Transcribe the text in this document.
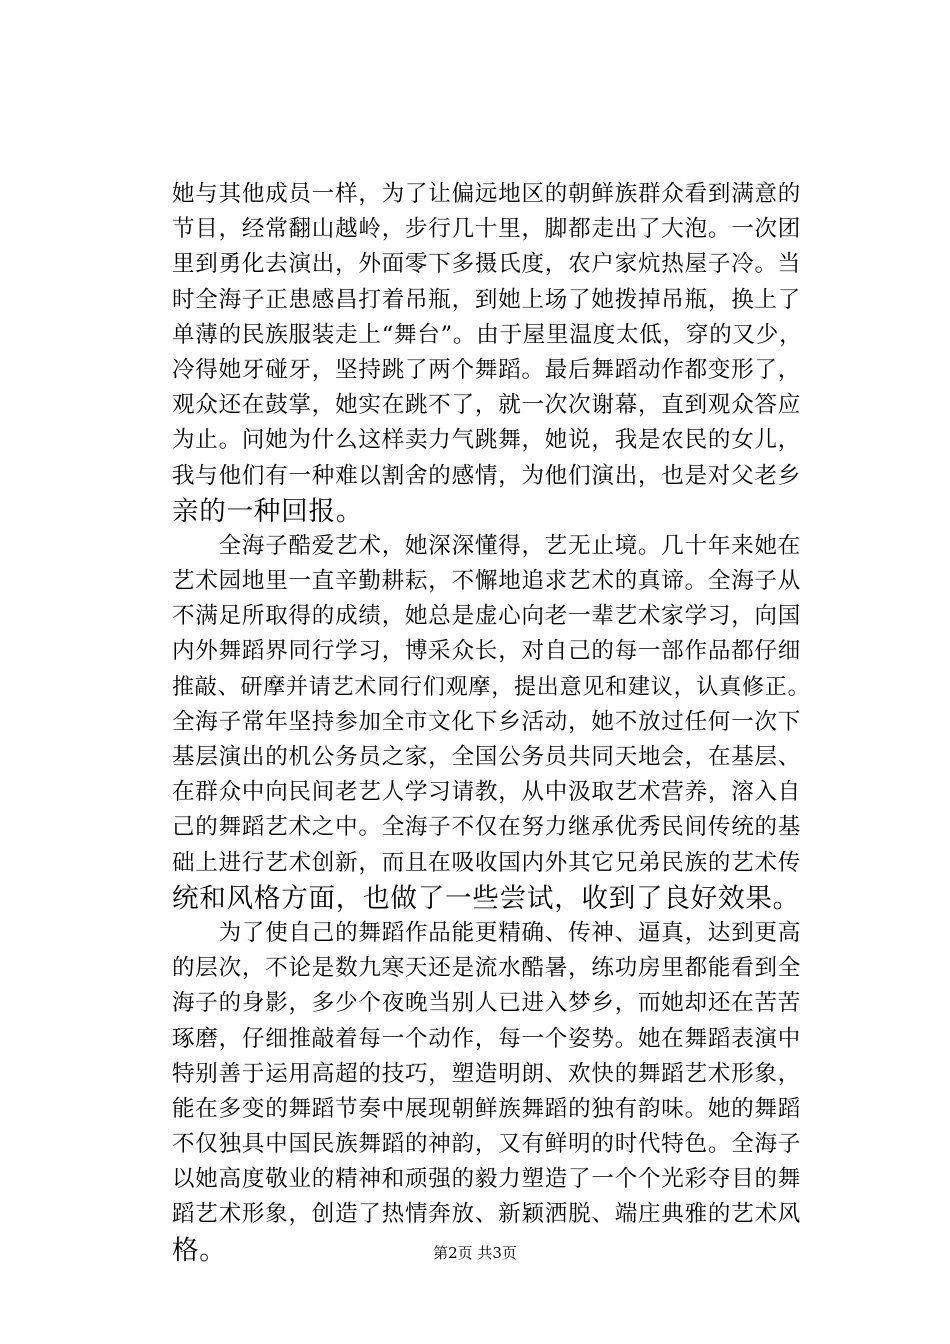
她与其他成员一样，为了让偏远地区的朝鲜族群众看到满意的
节目，经常翻山越岭，步行几十里，脚都走出了大泡。一次团
里到勇化去演出，外面零下多摄氏度，农户家炕热屋子冷。当
时全海子正患感昌打着吊瓶，到她上场了她拨掉吊瓶，换上了
单薄的民族服装走上“舞台”。由于屋里温度太低，穿的又少，
冷得她牙碰牙，坚持跳了两个舞蹈。最后舞蹈动作都变形了，
观众还在鼓掌，她实在跳不了，就一次次谢幕，直到观众答应
为止。问她为什么这样卖力气跳舞，她说，我是农民的女儿，
我与他们有一种难以割舍的感情，为他们演出，也是对父老乡
亲的一种回报。
　　全海子酷爱艺术，她深深懂得，艺无止境。几十年来她在
艺术园地里一直辛勤耕耘，不懈地追求艺术的真谛。全海子从
不满足所取得的成绩，她总是虚心向老一辈艺术家学习，向国
内外舞蹈界同行学习，博采众长，对自己的每一部作品都仔细
推敲、研摩并请艺术同行们观摩，提出意见和建议，认真修正。
全海子常年坚持参加全市文化下乡活动，她不放过任何一次下
基层演出的机公务员之家，全国公务员共同天地会，在基层、
在群众中向民间老艺人学习请教，从中汲取艺术营养，溶入自
己的舞蹈艺术之中。全海子不仅在努力继承优秀民间传统的基
础上进行艺术创新，而且在吸收国内外其它兄弟民族的艺术传
统和风格方面，也做了一些尝试，收到了良好效果。
　　为了使自己的舞蹈作品能更精确、传神、逼真，达到更高
的层次，不论是数九寒天还是流水酷暑，练功房里都能看到全
海子的身影，多少个夜晚当别人已进入梦乡，而她却还在苦苦
琢磨，仔细推敲着每一个动作，每一个姿势。她在舞蹈表演中
特别善于运用高超的技巧，塑造明朗、欢快的舞蹈艺术形象，
能在多变的舞蹈节奏中展现朝鲜族舞蹈的独有韵味。她的舞蹈
不仅独具中国民族舞蹈的神韵，又有鲜明的时代特色。全海子
以她高度敬业的精神和顽强的毅力塑造了一个个光彩夺目的舞
蹈艺术形象，创造了热情奔放、新颖洒脱、端庄典雅的艺术风
格。	第2页 共3页
